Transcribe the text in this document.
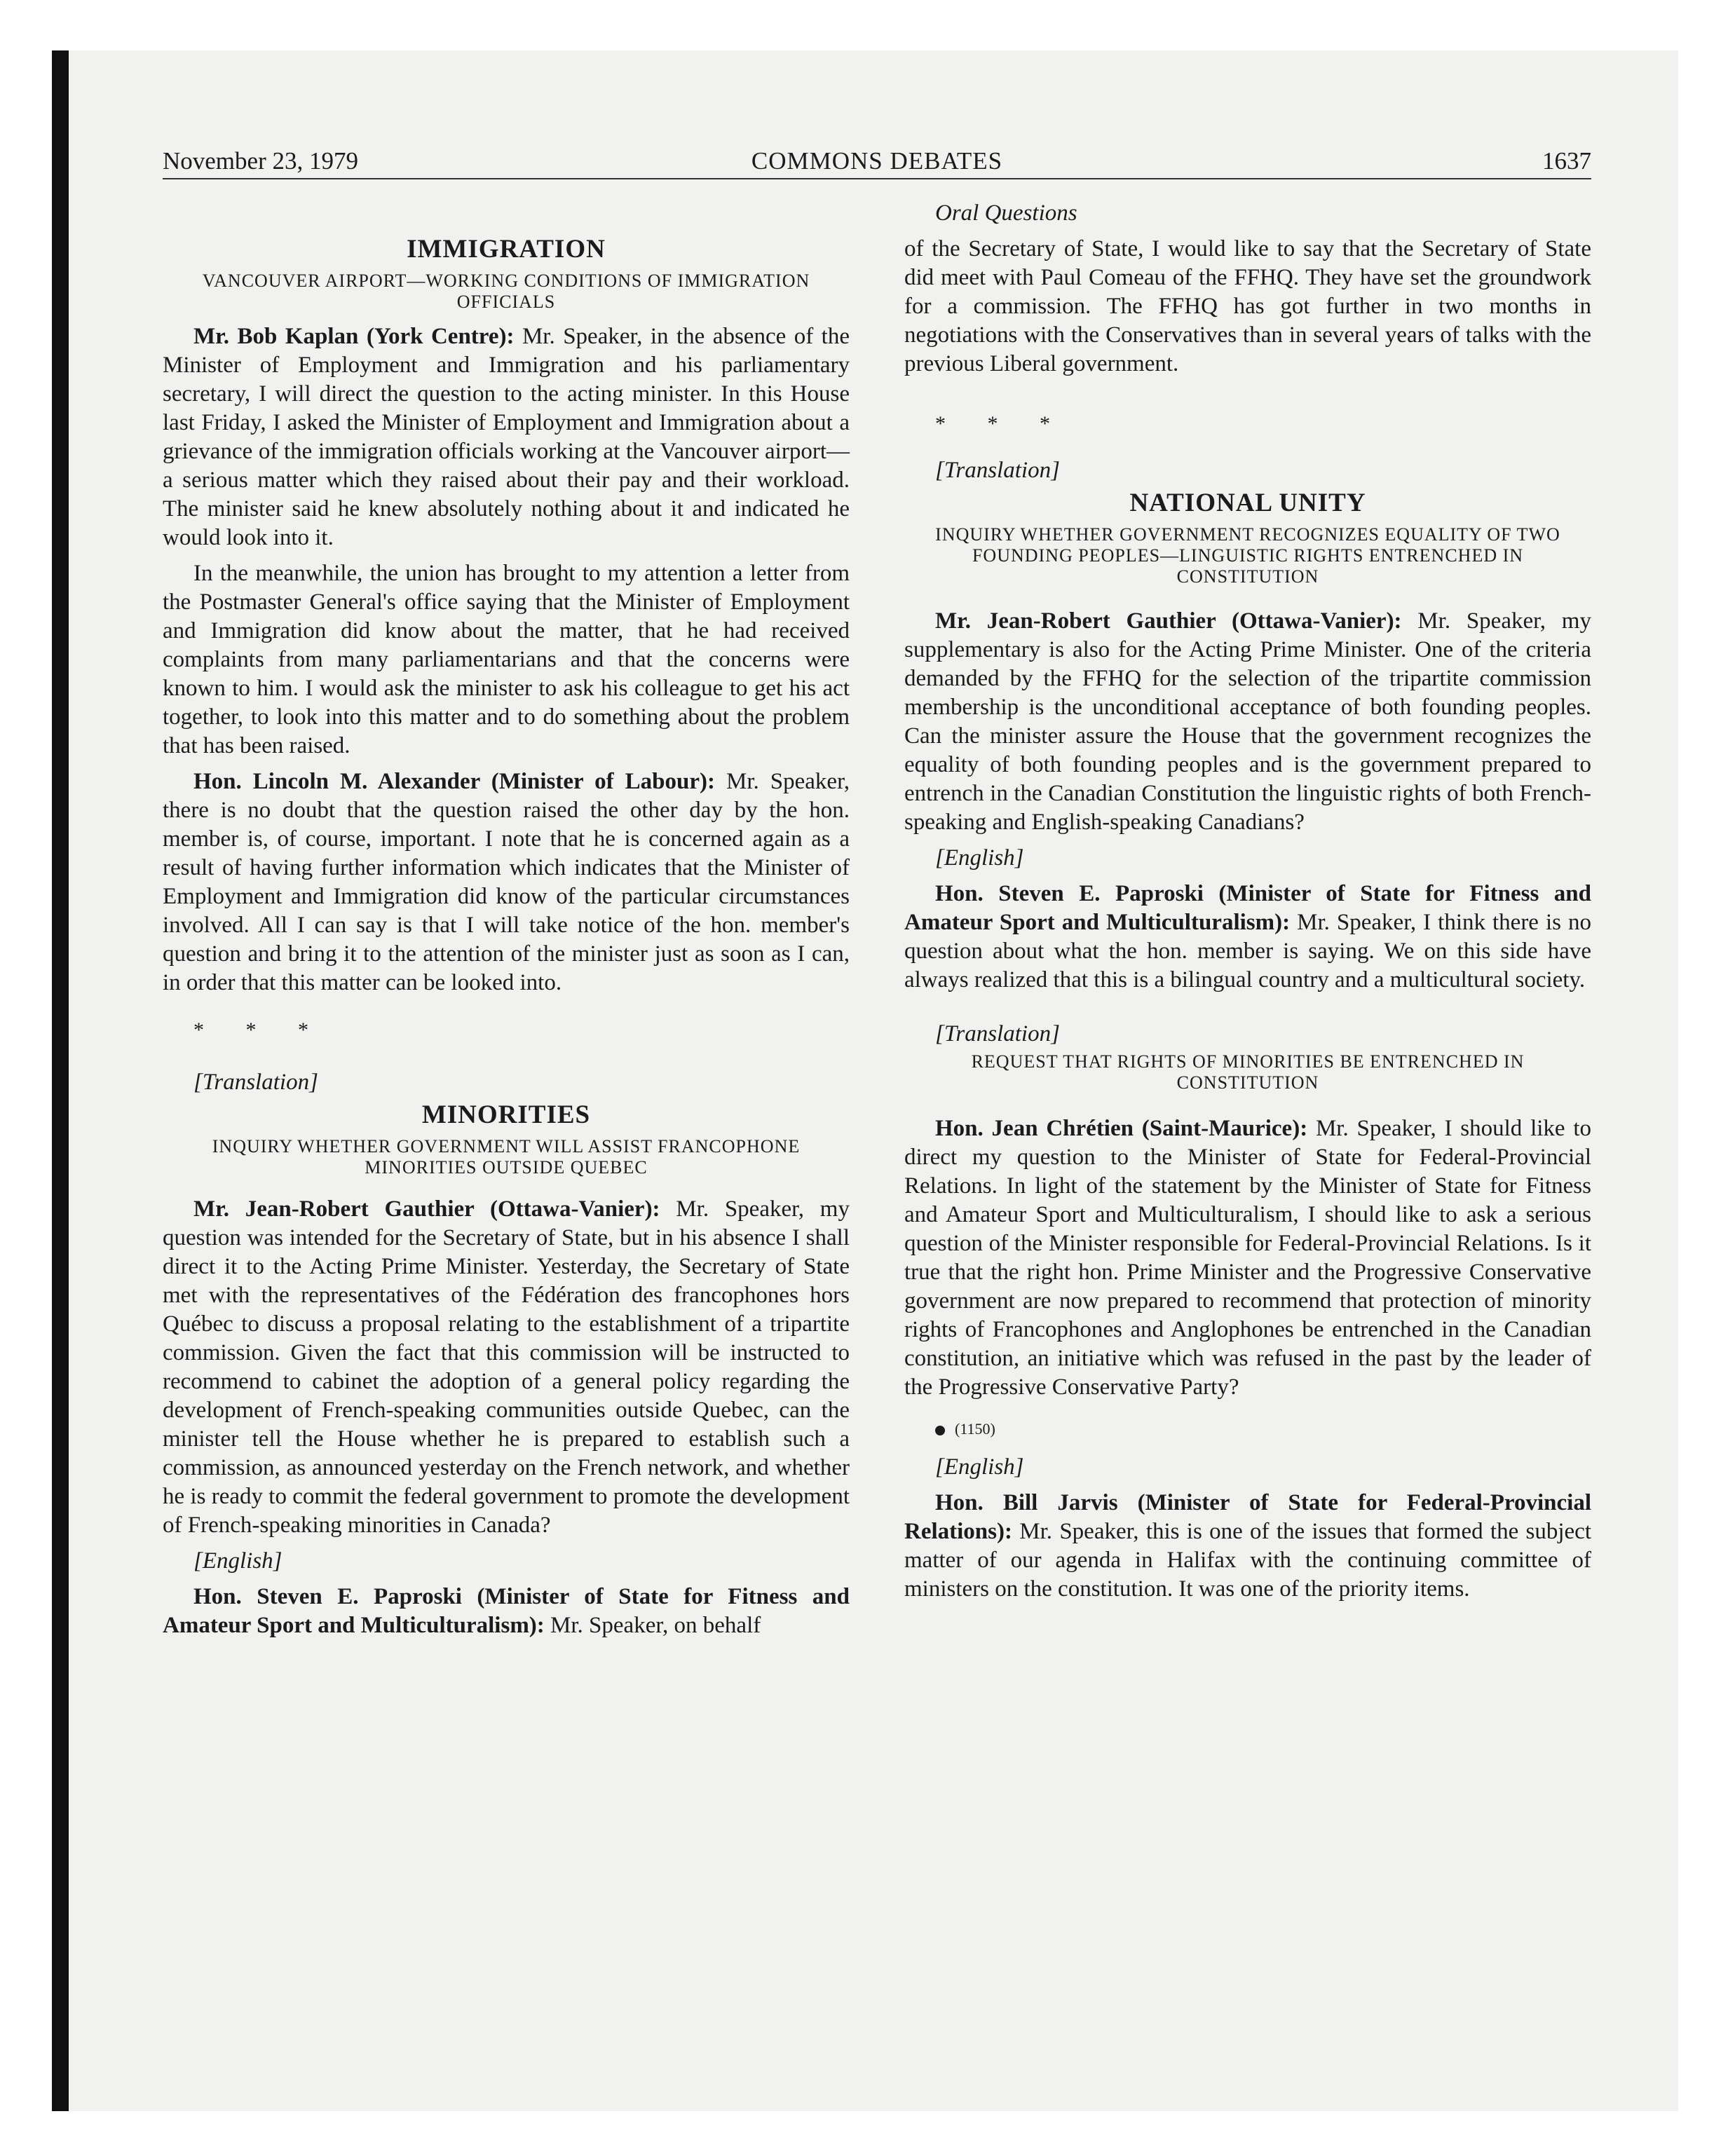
November 23, 1979	COMMONS DEBATES	1637
IMMIGRATION
VANCOUVER AIRPORT—WORKING CONDITIONS OF IMMIGRATION OFFICIALS

Mr. Bob Kaplan (York Centre): Mr. Speaker, in the absence of the Minister of Employment and Immigration and his parliamentary secretary, I will direct the question to the acting minister. In this House last Friday, I asked the Minister of Employment and Immigration about a grievance of the immigration officials working at the Vancouver airport—a serious matter which they raised about their pay and their workload. The minister said he knew absolutely nothing about it and indicated he would look into it.

In the meanwhile, the union has brought to my attention a letter from the Postmaster General's office saying that the Minister of Employment and Immigration did know about the matter, that he had received complaints from many parliamentarians and that the concerns were known to him. I would ask the minister to ask his colleague to get his act together, to look into this matter and to do something about the problem that has been raised.

Hon. Lincoln M. Alexander (Minister of Labour): Mr. Speaker, there is no doubt that the question raised the other day by the hon. member is, of course, important. I note that he is concerned again as a result of having further information which indicates that the Minister of Employment and Immigration did know of the particular circumstances involved. All I can say is that I will take notice of the hon. member's question and bring it to the attention of the minister just as soon as I can, in order that this matter can be looked into.

* * *

[Translation]

MINORITIES
INQUIRY WHETHER GOVERNMENT WILL ASSIST FRANCOPHONE MINORITIES OUTSIDE QUEBEC

Mr. Jean-Robert Gauthier (Ottawa-Vanier): Mr. Speaker, my question was intended for the Secretary of State, but in his absence I shall direct it to the Acting Prime Minister. Yesterday, the Secretary of State met with the representatives of the Fédération des francophones hors Québec to discuss a proposal relating to the establishment of a tripartite commission. Given the fact that this commission will be instructed to recommend to cabinet the adoption of a general policy regarding the development of French-speaking communities outside Quebec, can the minister tell the House whether he is prepared to establish such a commission, as announced yesterday on the French network, and whether he is ready to commit the federal government to promote the development of French-speaking minorities in Canada?

[English]

Hon. Steven E. Paproski (Minister of State for Fitness and Amateur Sport and Multiculturalism): Mr. Speaker, on behalf

Oral Questions

of the Secretary of State, I would like to say that the Secretary of State did meet with Paul Comeau of the FFHQ. They have set the groundwork for a commission. The FFHQ has got further in two months in negotiations with the Conservatives than in several years of talks with the previous Liberal government.

* * *

[Translation]

NATIONAL UNITY
INQUIRY WHETHER GOVERNMENT RECOGNIZES EQUALITY OF TWO FOUNDING PEOPLES—LINGUISTIC RIGHTS ENTRENCHED IN CONSTITUTION

Mr. Jean-Robert Gauthier (Ottawa-Vanier): Mr. Speaker, my supplementary is also for the Acting Prime Minister. One of the criteria demanded by the FFHQ for the selection of the tripartite commission membership is the unconditional acceptance of both founding peoples. Can the minister assure the House that the government recognizes the equality of both founding peoples and is the government prepared to entrench in the Canadian Constitution the linguistic rights of both French-speaking and English-speaking Canadians?

[English]

Hon. Steven E. Paproski (Minister of State for Fitness and Amateur Sport and Multiculturalism): Mr. Speaker, I think there is no question about what the hon. member is saying. We on this side have always realized that this is a bilingual country and a multicultural society.

[Translation]

REQUEST THAT RIGHTS OF MINORITIES BE ENTRENCHED IN CONSTITUTION

Hon. Jean Chrétien (Saint-Maurice): Mr. Speaker, I should like to direct my question to the Minister of State for Federal-Provincial Relations. In light of the statement by the Minister of State for Fitness and Amateur Sport and Multiculturalism, I should like to ask a serious question of the Minister responsible for Federal-Provincial Relations. Is it true that the right hon. Prime Minister and the Progressive Conservative government are now prepared to recommend that protection of minority rights of Francophones and Anglophones be entrenched in the Canadian constitution, an initiative which was refused in the past by the leader of the Progressive Conservative Party?

(1150)

[English]

Hon. Bill Jarvis (Minister of State for Federal-Provincial Relations): Mr. Speaker, this is one of the issues that formed the subject matter of our agenda in Halifax with the continuing committee of ministers on the constitution. It was one of the priority items.
